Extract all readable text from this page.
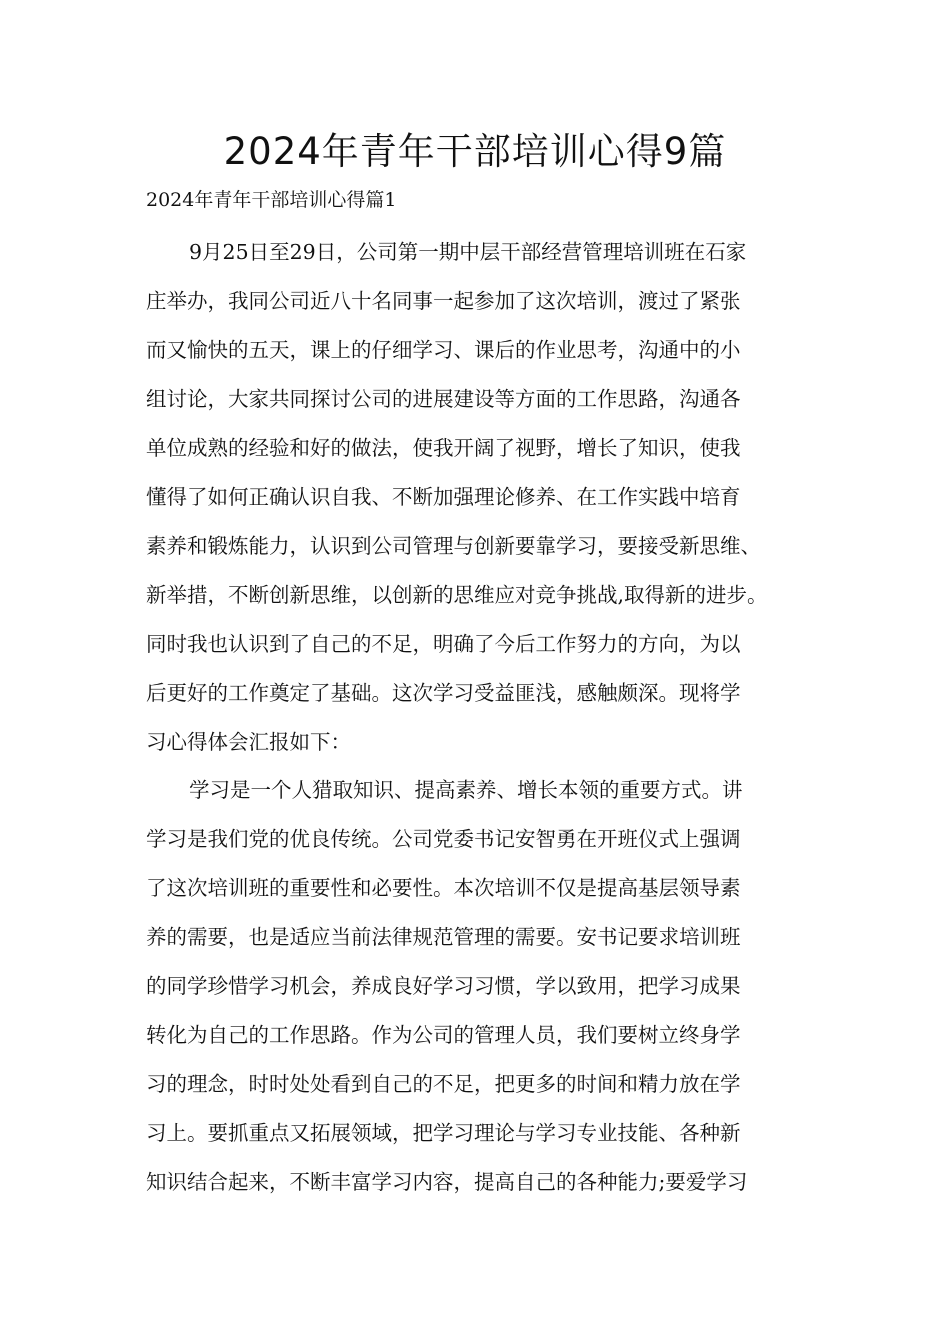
2024年青年干部培训心得9篇

2024年青年干部培训心得篇1

9月25日至29日，公司第一期中层干部经营管理培训班在石家
庄举办，我同公司近八十名同事一起参加了这次培训，渡过了紧张
而又愉快的五天，课上的仔细学习、课后的作业思考，沟通中的小
组讨论，大家共同探讨公司的进展建设等方面的工作思路，沟通各
单位成熟的经验和好的做法，使我开阔了视野，增长了知识，使我
懂得了如何正确认识自我、不断加强理论修养、在工作实践中培育
素养和锻炼能力，认识到公司管理与创新要靠学习，要接受新思维、
新举措，不断创新思维，以创新的思维应对竞争挑战,取得新的进步。
同时我也认识到了自己的不足，明确了今后工作努力的方向，为以
后更好的工作奠定了基础。这次学习受益匪浅，感触颇深。现将学
习心得体会汇报如下：
学习是一个人猎取知识、提高素养、增长本领的重要方式。讲
学习是我们党的优良传统。公司党委书记安智勇在开班仪式上强调
了这次培训班的重要性和必要性。本次培训不仅是提高基层领导素
养的需要，也是适应当前法律规范管理的需要。安书记要求培训班
的同学珍惜学习机会，养成良好学习习惯，学以致用，把学习成果
转化为自己的工作思路。作为公司的管理人员，我们要树立终身学
习的理念，时时处处看到自己的不足，把更多的时间和精力放在学
习上。要抓重点又拓展领域，把学习理论与学习专业技能、各种新
知识结合起来，不断丰富学习内容，提高自己的各种能力;要爱学习
